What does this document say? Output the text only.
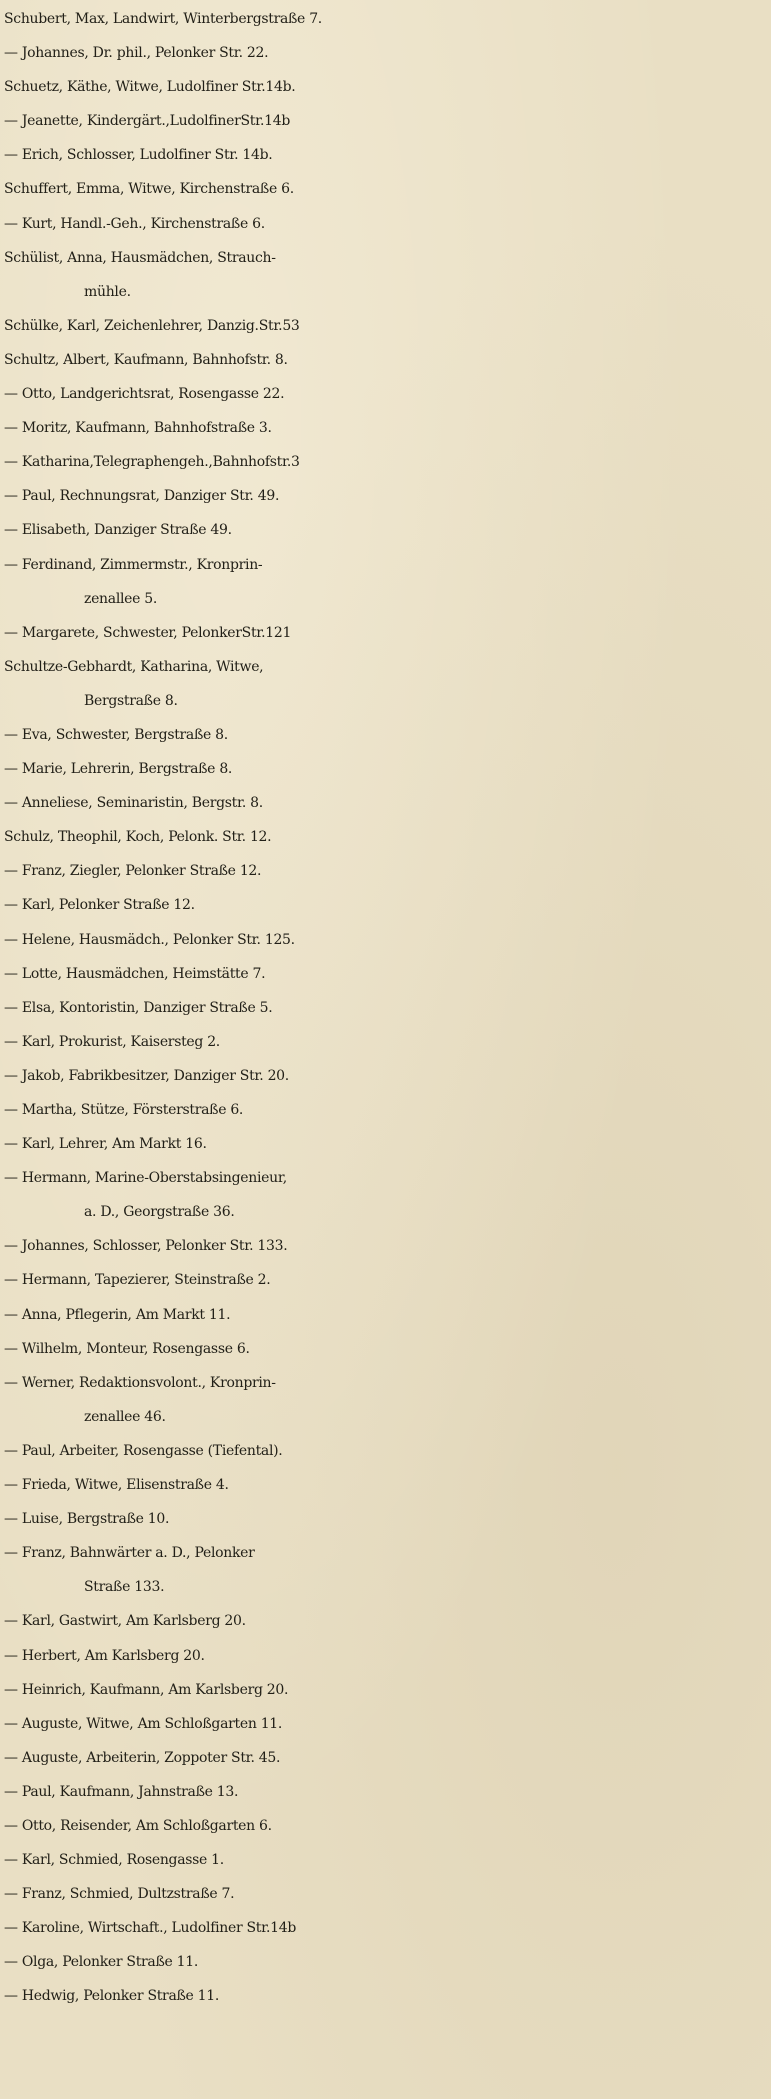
Schubert, Max, Landwirt, Winterbergstraße 7.
— Johannes, Dr. phil., Pelonker Str. 22.
Schuetz, Käthe, Witwe, Ludolfiner Str.14b.
— Jeanette, Kindergärt.,LudolfinerStr.14b
— Erich, Schlosser, Ludolfiner Str. 14b.
Schuffert, Emma, Witwe, Kirchenstraße 6.
— Kurt, Handl.-Geh., Kirchenstraße 6.
Schülist, Anna, Hausmädchen, Strauch-
mühle.
Schülke, Karl, Zeichenlehrer, Danzig.Str.53
Schultz, Albert, Kaufmann, Bahnhofstr. 8.
— Otto, Landgerichtsrat, Rosengasse 22.
— Moritz, Kaufmann, Bahnhofstraße 3.
— Katharina,Telegraphengeh.,Bahnhofstr.3
— Paul, Rechnungsrat, Danziger Str. 49.
— Elisabeth, Danziger Straße 49.
— Ferdinand, Zimmermstr., Kronprin-
zenallee 5.
— Margarete, Schwester, PelonkerStr.121
Schultze-Gebhardt, Katharina, Witwe,
Bergstraße 8.
— Eva, Schwester, Bergstraße 8.
— Marie, Lehrerin, Bergstraße 8.
— Anneliese, Seminaristin, Bergstr. 8.
Schulz, Theophil, Koch, Pelonk. Str. 12.
— Franz, Ziegler, Pelonker Straße 12.
— Karl, Pelonker Straße 12.
— Helene, Hausmädch., Pelonker Str. 125.
— Lotte, Hausmädchen, Heimstätte 7.
— Elsa, Kontoristin, Danziger Straße 5.
— Karl, Prokurist, Kaisersteg 2.
— Jakob, Fabrikbesitzer, Danziger Str. 20.
— Martha, Stütze, Försterstraße 6.
— Karl, Lehrer, Am Markt 16.
— Hermann, Marine-Oberstabsingenieur,
a. D., Georgstraße 36.
— Johannes, Schlosser, Pelonker Str. 133.
— Hermann, Tapezierer, Steinstraße 2.
— Anna, Pflegerin, Am Markt 11.
— Wilhelm, Monteur, Rosengasse 6.
— Werner, Redaktionsvolont., Kronprin-
zenallee 46.
— Paul, Arbeiter, Rosengasse (Tiefental).
— Frieda, Witwe, Elisenstraße 4.
— Luise, Bergstraße 10.
— Franz, Bahnwärter a. D., Pelonker
Straße 133.
— Karl, Gastwirt, Am Karlsberg 20.
— Herbert, Am Karlsberg 20.
— Heinrich, Kaufmann, Am Karlsberg 20.
— Auguste, Witwe, Am Schloßgarten 11.
— Auguste, Arbeiterin, Zoppoter Str. 45.
— Paul, Kaufmann, Jahnstraße 13.
— Otto, Reisender, Am Schloßgarten 6.
— Karl, Schmied, Rosengasse 1.
— Franz, Schmied, Dultzstraße 7.
— Karoline, Wirtschaft., Ludolfiner Str.14b
— Olga, Pelonker Straße 11.
— Hedwig, Pelonker Straße 11.
